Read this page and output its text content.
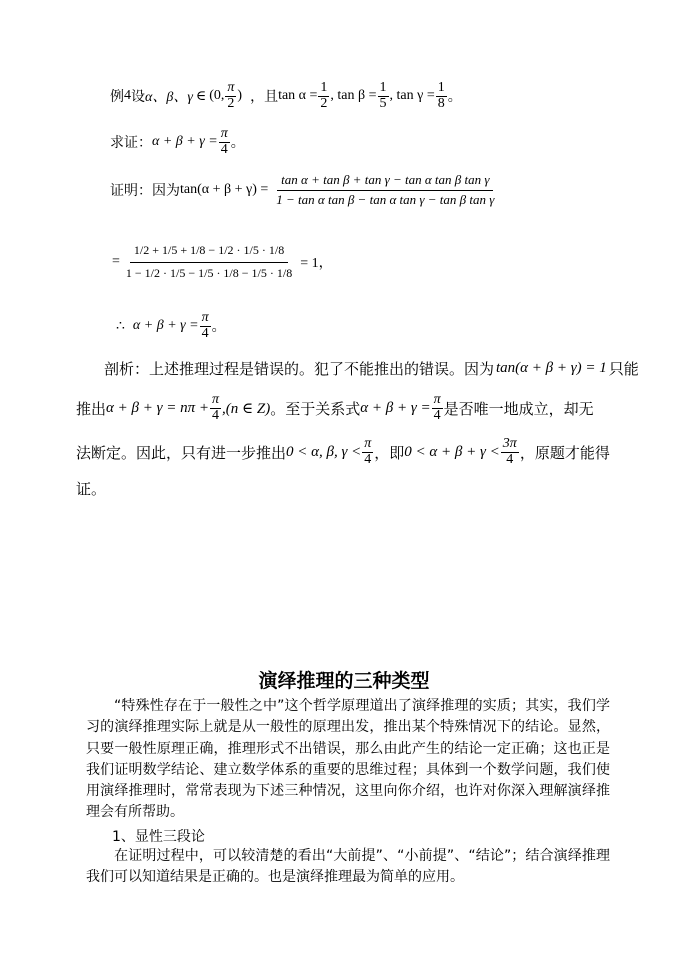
例 4 设 α、β、γ ∈ (0, $\frac{\pi}{2}$ ) ，且 $\tan \alpha = \frac{1}{2}$ , $\tan \beta = \frac{1}{5}$ , $\tan \gamma = \frac{1}{8}$ 。
求证： $\alpha + \beta + \gamma = \frac{\pi}{4}$ 。
证明：因为 $\tan(\alpha + \beta + \gamma) = \frac{\text{tan α + tan β + tan γ − tan α tan β tan γ}}{\text{1 − tan α tan β − tan α tan γ − tan β tan γ}}$
= $\frac{1/2 + 1/5 + 1/8 - 1/2 \cdot 1/5 \cdot 1/8}{1 - 1/2 \cdot 1/5 - 1/5 \cdot 1/8 - 1/5 \cdot 1/8} = 1$，
∴ $\alpha + \beta + \gamma = \frac{\pi}{4}$ 。
剖析：上述推理过程是错误的。犯了不能推出的错误。因为 tan(α + β + γ) = 1 只能
推出 $\alpha + \beta + \gamma = n\pi + \frac{\pi}{4} ,(n$ ∈ Z) 。至于关系式 $\alpha + \beta + \gamma = \frac{\pi}{4}$ 是否唯一地成立，却无
法断定。因此，只有进一步推出 0 < α, β, $\gamma < \frac{\pi}{4}$ ，即 $0 < \alpha + \beta + \gamma < \frac{3\pi}{4}$ ，原题才能得
证。
演绎推理的三种类型
“特殊性存在于一般性之中”这个哲学原理道出了演绎推理的实质；其实，我们学习的演绎推理实际上就是从一般性的原理出发，推出某个特殊情况下的结论。显然，只要一般性原理正确，推理形式不出错误，那么由此产生的结论一定正确；这也正是我们证明数学结论、建立数学体系的重要的思维过程；具体到一个数学问题，我们使用演绎推理时，常常表现为下述三种情况，这里向你介绍，也许对你深入理解演绎推理会有所帮助。
1、显性三段论
在证明过程中，可以较清楚的看出“大前提”、“小前提”、“结论”；结合演绎推理我们可以知道结果是正确的。也是演绎推理最为简单的应用。
